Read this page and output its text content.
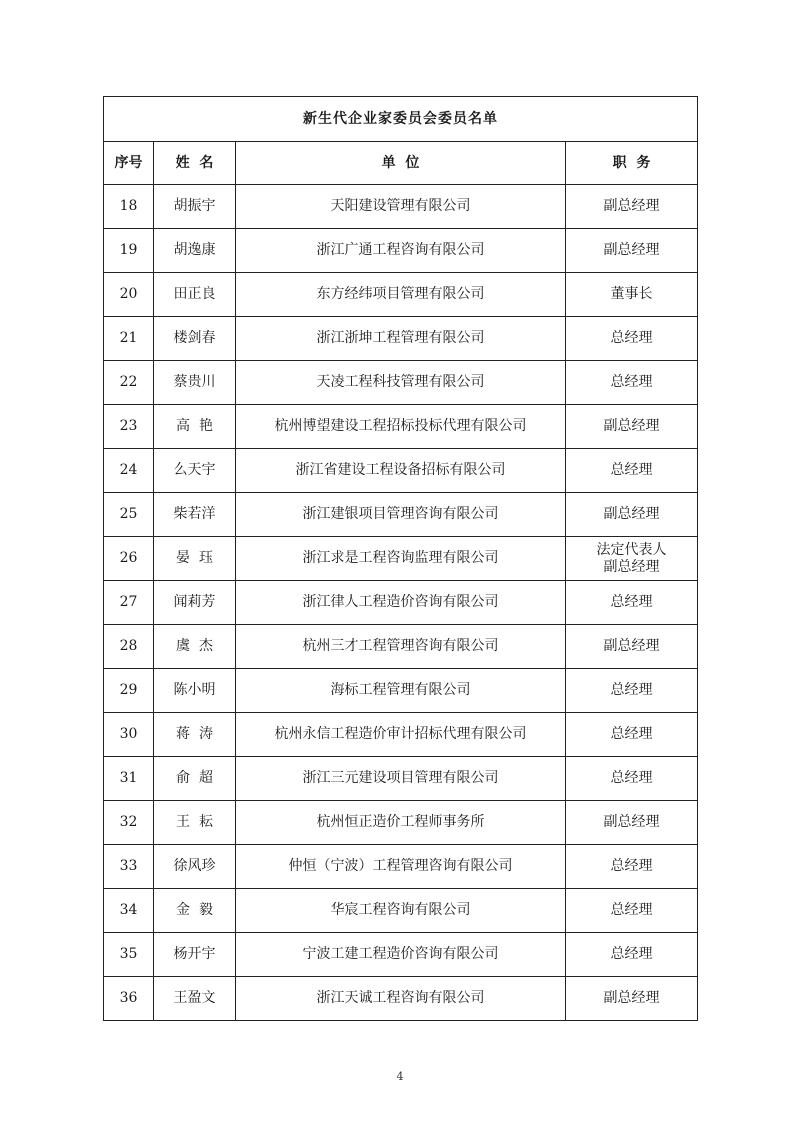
新生代企业家委员会委员名单			
序号	姓  名	单  位	职  务
18	胡振宇	天阳建设管理有限公司	副总经理
19	胡逸康	浙江广通工程咨询有限公司	副总经理
20	田正良	东方经纬项目管理有限公司	董事长
21	楼剑春	浙江浙坤工程管理有限公司	总经理
22	蔡贵川	天凌工程科技管理有限公司	总经理
23	高  艳	杭州博望建设工程招标投标代理有限公司	副总经理
24	么天宇	浙江省建设工程设备招标有限公司	总经理
25	柴若洋	浙江建银项目管理咨询有限公司	副总经理
26	晏  珏	浙江求是工程咨询监理有限公司	法定代表人
副总经理

27	闻莉芳	浙江律人工程造价咨询有限公司	总经理
28	虞  杰	杭州三才工程管理咨询有限公司	副总经理
29	陈小明	海标工程管理有限公司	总经理
30	蒋  涛	杭州永信工程造价审计招标代理有限公司	总经理
31	俞  超	浙江三元建设项目管理有限公司	总经理
32	王  耘	杭州恒正造价工程师事务所	副总经理
33	徐风珍	仲恒（宁波）工程管理咨询有限公司	总经理
34	金  毅	华宸工程咨询有限公司	总经理
35	杨开宇	宁波工建工程造价咨询有限公司	总经理
36	王盈文	浙江天诚工程咨询有限公司	副总经理
4
